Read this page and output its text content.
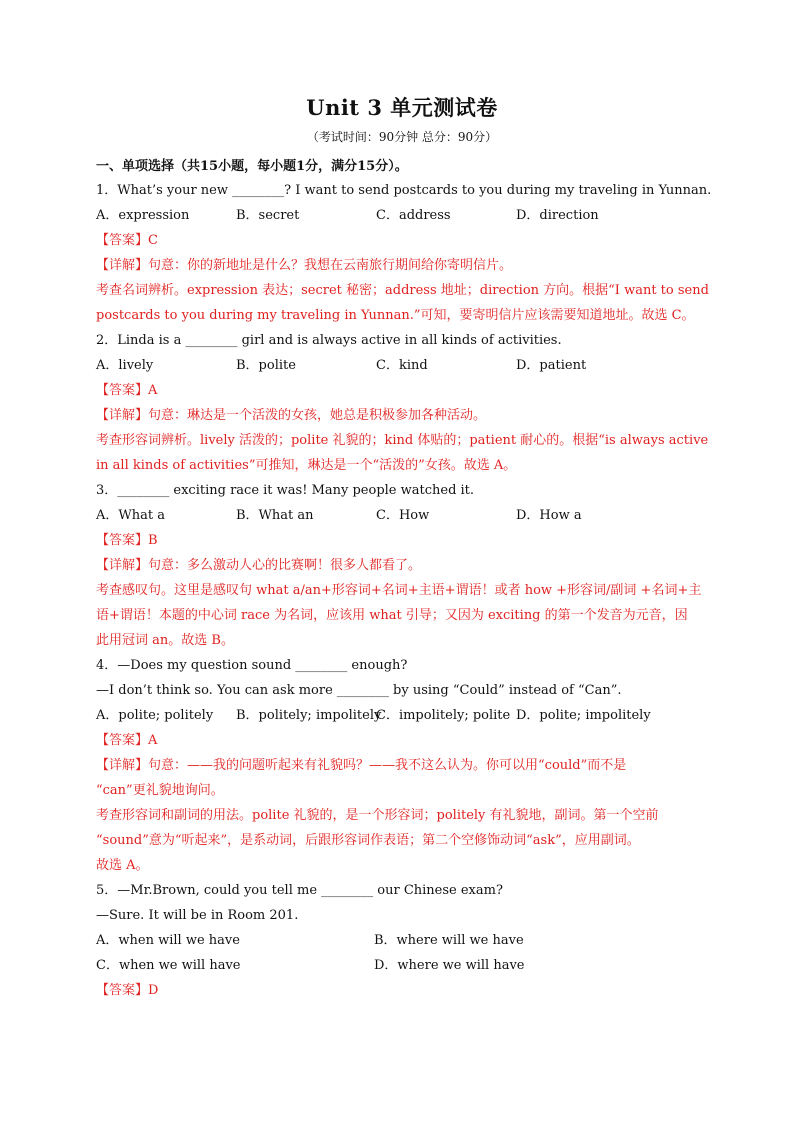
Unit 3 单元测试卷
（考试时间：90分钟 总分：90分）
一、单项选择（共15小题，每小题1分，满分15分）。
1．What’s your new ________? I want to send postcards to you during my traveling in Yunnan.
A．expression	B．secret	C．address	D．direction
【答案】C
【详解】句意：你的新地址是什么？我想在云南旅行期间给你寄明信片。
考查名词辨析。expression 表达；secret 秘密；address 地址；direction 方向。根据“I want to send
postcards to you during my traveling in Yunnan.”可知，要寄明信片应该需要知道地址。故选 C。
2．Linda is a ________ girl and is always active in all kinds of activities.
A．lively	B．polite	C．kind	D．patient
【答案】A
【详解】句意：琳达是一个活泼的女孩，她总是积极参加各种活动。
考查形容词辨析。lively 活泼的；polite 礼貌的；kind 体贴的；patient 耐心的。根据“is always active
in all kinds of activities”可推知，琳达是一个“活泼的”女孩。故选 A。
3．________ exciting race it was! Many people watched it.
A．What a	B．What an	C．How	D．How a
【答案】B
【详解】句意：多么激动人心的比赛啊！很多人都看了。
考查感叹句。这里是感叹句 what a/an+形容词+名词+主语+谓语！或者 how +形容词/副词 +名词+主
语+谓语！本题的中心词 race 为名词，应该用 what 引导；又因为 exciting 的第一个发音为元音，因
此用冠词 an。故选 B。
4．—Does my question sound ________ enough?
—I don’t think so. You can ask more ________ by using “Could” instead of “Can”.
A．polite; politely	B．politely; impolitely
C．impolitely; polite D．polite; impolitely
【答案】A
【详解】句意：——我的问题听起来有礼貌吗？——我不这么认为。你可以用“could”而不是
“can”更礼貌地询问。
考查形容词和副词的用法。polite 礼貌的，是一个形容词；politely 有礼貌地，副词。第一个空前
“sound”意为“听起来”，是系动词，后跟形容词作表语；第二个空修饰动词“ask”，应用副词。
故选 A。
5．—Mr.Brown, could you tell me ________ our Chinese exam?
—Sure. It will be in Room 201.
A．when will we have	B．where will we have
C．when we will have	D．where we will have
【答案】D
